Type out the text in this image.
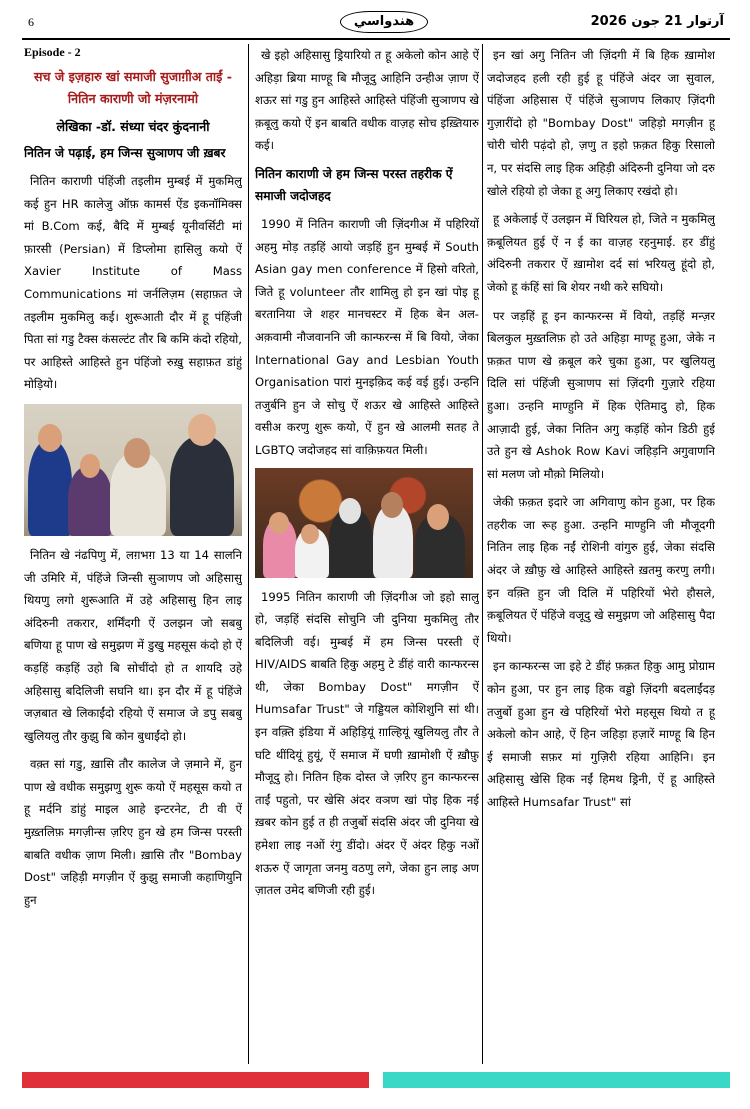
6	هندواسي	آرتوار 21 جون 2026
Episode - 2
सच जे इज़हारु खां समाजी सुजाग़ीअ ताईं - नितिन काराणी जो मंज़रनामो
लेखिका -डॉ. संध्या चंदर कुंदनानी
नितिन जे पढ़ाई, हम जिन्स सुञाणप जी ख़बर

नितिन काराणी पंहिंजी तइलीम मुम्बई में मुकमिलु कई हुन HR कालेजु ऑफ़ कामर्स ऐंड इकनॉमिक्स मां B.Com कई, बैदि में मुम्बई यूनीवर्सिटी मां फ़ारसी (Persian) में डिप्लोमा हासिलु कयो ऐं Xavier Institute of Mass Communications मां जर्नलिज़म (सहाफ़त जे तइलीम मुकमिलु कई। शुरूआती दौर में हू पंहिंजी पिता सां गडु टैक्स कंसल्टंट तौर बि कमि कंदो रहियो, पर आहिस्ते आहिस्ते हुन पंहिंजो रुख़ु सहाफ़त डांहुं मोड़ियो।

नितिन खे नंढपिणु में, लग़भग़ 13 या 14 सालनि जी उमिरि में, पंहिंजे जिन्सी सुञाणप जो अहिसासु थियणु लगो शुरूआति में उहे अहिसासु हिन लाइ अंदिरुनी तकरार, शर्मिंदगी ऐं उलझन जो सबबु बणिया हू पाण खे समुझण में डुखु महसूस कंदो हो ऐं कड़हिं कड़हिं उहो बि सोचींदो हो त शायदि उहे अहिसासु बदिलिजी सघनि था। इन दौर में हू पंहिंजे जज़बात खे लिकाईंदो रहियो ऐं समाज जे डपु सबबु खुलियलु तौर कुझु बि कोन बुधाईंदो हो।

वक़्त सां गडु, ख़ासि तौर कालेज जे ज़माने में, हुन पाण खे वधीक समुझणु शुरू कयो ऐं महसूस कयो त हू मर्दनि डांहुं माइल आहे इन्टरनेट, टी वी ऐं मुख़्तलिफ़ मगज़ीन्स ज़रिए हुन खे हम जिन्स परस्ती बाबति वधीक ज़ाण मिली। ख़ासि तौर "Bombay Dost" जहिड़ी मगज़ीन ऐं कुझु समाजी कहाणियुनि हुन

खे इहो अहिसासु ड्रियारियो त हू अकेलो कोन आहे ऐं अहिड़ा ब्रिया माण्हू बि मौजूदु आहिनि उन्हीअ ज़ाण ऐं शऊर सां गडु हुन आहिस्ते आहिस्ते पंहिंजी सुञाणप खे क़बूलु कयो ऐं इन बाबति वधीक वाज़ह सोच इख़्तियारु कई।

नितिन काराणी जे हम जिन्स परस्त तहरीक ऐं समाजी जदोजहद

1990 में नितिन काराणी जी ज़िंदगीअ में पहिरियों अहमु मोड़ तड़हिं आयो जड़हिं हुन मुम्बई में South Asian gay men conference में हिसो वरितो, जिते हू volunteer तौर शामिलु हो इन खां पोइ हू बरतानिया जे शहर मानचस्टर में हिक बेन अल-अक़वामी नौजवाननि जी कान्फरन्स में बि वियो, जेका International Gay and Lesbian Youth Organisation पारां मुनइक़िद कई वई हुई। उन्हनि तजुर्बनि हुन जे सोचु ऐं शऊर खे आहिस्ते आहिस्ते वसीअ करणु शुरू कयो, ऐं हुन खे आलमी सतह ते LGBTQ जदोजहद सां वाक़िफ़यत मिली।

1995 नितिन काराणी जी ज़िंदगीअ जो इहो सालु हो, जड़हिं संदसि सोचुनि जी दुनिया मुकमिलु तौर बदिलिजी वई। मुम्बई में हम जिन्स परस्ती ऐं HIV/AIDS बाबति हिकु अहमु टे डींहं वारी कान्फरन्स थी, जेका Bombay Dost" मगज़ीन ऐं Humsafar Trust" जे गड्डियल कोशिशुनि सां थी। इन वक़्ति इंडिया में अहिड़ियूं ग़ाल्हियूं खुलियलु तौर ते घटि थींदियूं हुयूं, ऐं समाज में घणी ख़ामोशी ऐं ख़ौफ़ु मौजूदु हो। नितिन हिक दोस्त जे ज़रिए हुन कान्फरन्स ताईं पहुतो, पर खेसि अंदर वञण खां पोइ हिक नई ख़बर कोन हुई त ही तजुर्बो संदसि अंदर जी दुनिया खे हमेशा लाइ नओं रंगु डींदो। अंदर ऐं अंदर हिकु नओं शऊरु ऐं जागृता जनमु वठणु लगे, जेका हुन लाइ अण ज़ातल उमेद बणिजी रही हुई।

इन खां अगु नितिन जी ज़िंदगी में बि हिक ख़ामोश जदोजहद हली रही हुई हू पंहिंजे अंदर जा सुवाल, पंहिंजा अहिसास ऐं पंहिंजे सुञाणप लिकाए ज़िंदगी गुज़ारींदो हो "Bombay Dost" जहिड़ो मगज़ीन हू चोरी चोरी पढ़ंदो हो, ज़णु त इहो फ़क़त हिकु रिसालो न, पर संदसि लाइ हिक अहिड़ी अंदिरुनी दुनिया जो दरु खोले रहियो हो जेका हू अगु लिकाए रखंदो हो।

हू अकेलाई ऐं उलझन में घिरियल हो, जिते न मुकमिलु क़बूलियत हुई ऐं न ई का वाज़ह रहनुमाई. हर डींहुं अंदिरुनी तकरार ऐं ख़ामोश दर्द सां भरियलु हूंदो हो, जेको हू कंहिं सां बि शेयर नथी करे सघियो।

पर जड़हिं हू इन कान्फरन्स में वियो, तड़हिं मन्ज़र बिलकुल मुख़्तलिफ़ हो उते अहिड़ा माण्हू हुआ, जेके न फ़क़त पाण खे क़बूल करे चुका हुआ, पर खुलियलु दिलि सां पंहिंजी सुञाणप सां ज़िंदगी गुज़ारे रहिया हुआ। उन्हनि माण्हुनि में हिक ऐतिमादु हो, हिक आज़ादी हुई, जेका नितिन अगु कड़हिं कोन डिठी हुई उते हुन खे Ashok Row Kavi जहिड़नि अगुवाणनि सां मलण जो मौक़ो मिलियो।

जेकी फ़क़त इदारे जा अगिवाणु कोन हुआ, पर हिक तहरीक जा रूह हुआ. उन्हनि माण्हुनि जी मौजूदगी नितिन लाइ हिक नईं रोशिनी वांगुरु हुई, जेका संदसि अंदर जे ख़ौफ़ु खे आहिस्ते आहिस्ते ख़तमु करणु लगी। इन वक़्ति हुन जी दिलि में पहिरियों भेरो हौसले, क़बूलियत ऐं पंहिंजे वजूदु खे समुझण जो अहिसासु पैदा थियो।

इन कान्फरन्स जा इहे टे डींहं फ़क़त हिकु आमु प्रोग्राम कोन हुआ, पर हुन लाइ हिक वड्डो ज़िंदगी बदलाईंदड़ तजुर्बो हुआ हुन खे पहिरियों भेरो महसूस थियो त हू अकेलो कोन आहे, ऐं हिन जहिड़ा हज़ारें माण्हू बि हिन ई समाजी सफ़र मां गुज़िरी रहिया आहिनि। इन अहिसासु खेसि हिक नईं हिमथ ड्रिनी, ऐं हू आहिस्ते आहिस्ते Humsafar Trust" सां
